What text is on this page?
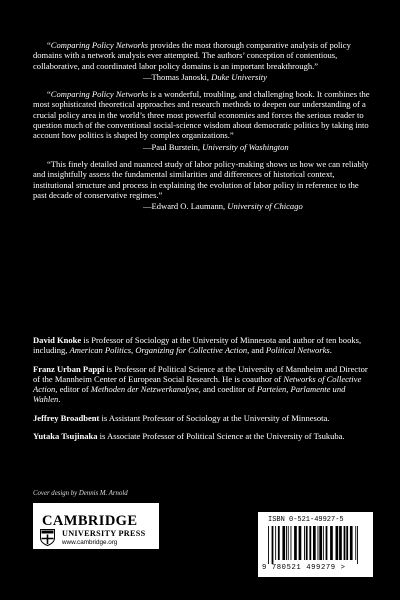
“Comparing Policy Networks provides the most thorough comparative analysis of policy domains with a network analysis ever attempted. The authors’ conception of contentious, collaborative, and coordinated labor policy domains is an important breakthrough.”

—Thomas Janoski, Duke University

“Comparing Policy Networks is a wonderful, troubling, and challenging book. It combines the most sophisticated theoretical approaches and research methods to deepen our understanding of a crucial policy area in the world’s three most powerful economies and forces the serious reader to question much of the conventional social-science wisdom about democratic politics by taking into account how politics is shaped by complex organizations.”

—Paul Burstein, University of Washington

“This finely detailed and nuanced study of labor policy-making shows us how we can reliably and insightfully assess the fundamental similarities and differences of historical context, institutional structure and process in explaining the evolution of labor policy in reference to the past decade of conservative regimes.”

—Edward O. Laumann, University of Chicago

David Knoke is Professor of Sociology at the University of Minnesota and author of ten books, including, American Politics, Organizing for Collective Action, and Political Networks.

Franz Urban Pappi is Professor of Political Science at the University of Mannheim and Director of the Mannheim Center of European Social Research. He is coauthor of Networks of Collective Action, editor of Methoden der Netzwerkanalyse, and coeditor of Parteien, Parlamente und Wahlen.

Jeffrey Broadbent is Assistant Professor of Sociology at the University of Minnesota.

Yutaka Tsujinaka is Associate Professor of Political Science at the University of Tsukuba.

Cover design by Dennis M. Arnold
CAMBRIDGE
UNIVERSITY PRESS
www.cambridge.org
ISBN 0-521-49927-5
9 780521 499279 >
